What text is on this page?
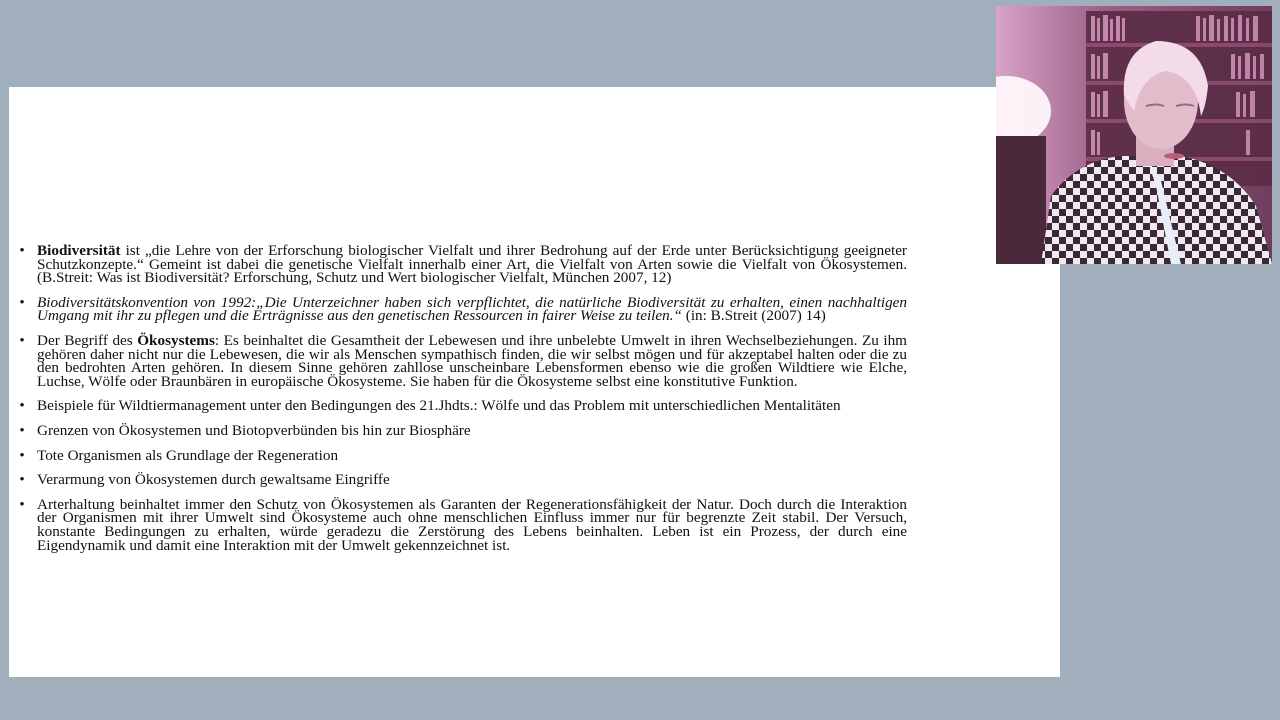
•

Biodiversität ist „die Lehre von der Erforschung biologischer Vielfalt und ihrer Bedrohung auf der Erde unter Berücksichtigung geeigneter Schutzkonzepte.“ Gemeint ist dabei die genetische Vielfalt innerhalb einer Art, die Vielfalt von Arten sowie die Vielfalt von Ökosystemen. (B.Streit: Was ist Biodiversität? Erforschung, Schutz und Wert biologischer Vielfalt, München 2007, 12)

•

Biodiversitätskonvention von 1992:„Die Unterzeichner haben sich verpflichtet, die natürliche Biodiversität zu erhalten, einen nachhaltigen Umgang mit ihr zu pflegen und die Erträgnisse aus den genetischen Ressourcen in fairer Weise zu teilen.“ (in: B.Streit (2007) 14)

•

Der Begriff des Ökosystems: Es beinhaltet die Gesamtheit der Lebewesen und ihre unbelebte Umwelt in ihren Wechselbeziehungen. Zu ihm gehören daher nicht nur die Lebewesen, die wir als Menschen sympathisch finden, die wir selbst mögen und für akzeptabel halten oder die zu den bedrohten Arten gehören. In diesem Sinne gehören zahllose unscheinbare Lebensformen ebenso wie die großen Wildtiere wie Elche, Luchse, Wölfe oder Braunbären in europäische Ökosysteme. Sie haben für die Ökosysteme selbst eine konstitutive Funktion.

•

Beispiele für Wildtiermanagement unter den Bedingungen des 21.Jhdts.: Wölfe und das Problem mit unterschiedlichen Mentalitäten

•

Grenzen von Ökosystemen und Biotopverbünden bis hin zur Biosphäre

•

Tote Organismen als Grundlage der Regeneration

•

Verarmung von Ökosystemen durch gewaltsame Eingriffe

•

Arterhaltung beinhaltet immer den Schutz von Ökosystemen als Garanten der Regenerationsfähigkeit der Natur. Doch durch die Interaktion der Organismen mit ihrer Umwelt sind Ökosysteme auch ohne menschlichen Einfluss immer nur für begrenzte Zeit stabil. Der Versuch, konstante Bedingungen zu erhalten, würde geradezu die Zerstörung des Lebens beinhalten. Leben ist ein Prozess, der durch eine Eigendynamik und damit eine Interaktion mit der Umwelt gekennzeichnet ist.
